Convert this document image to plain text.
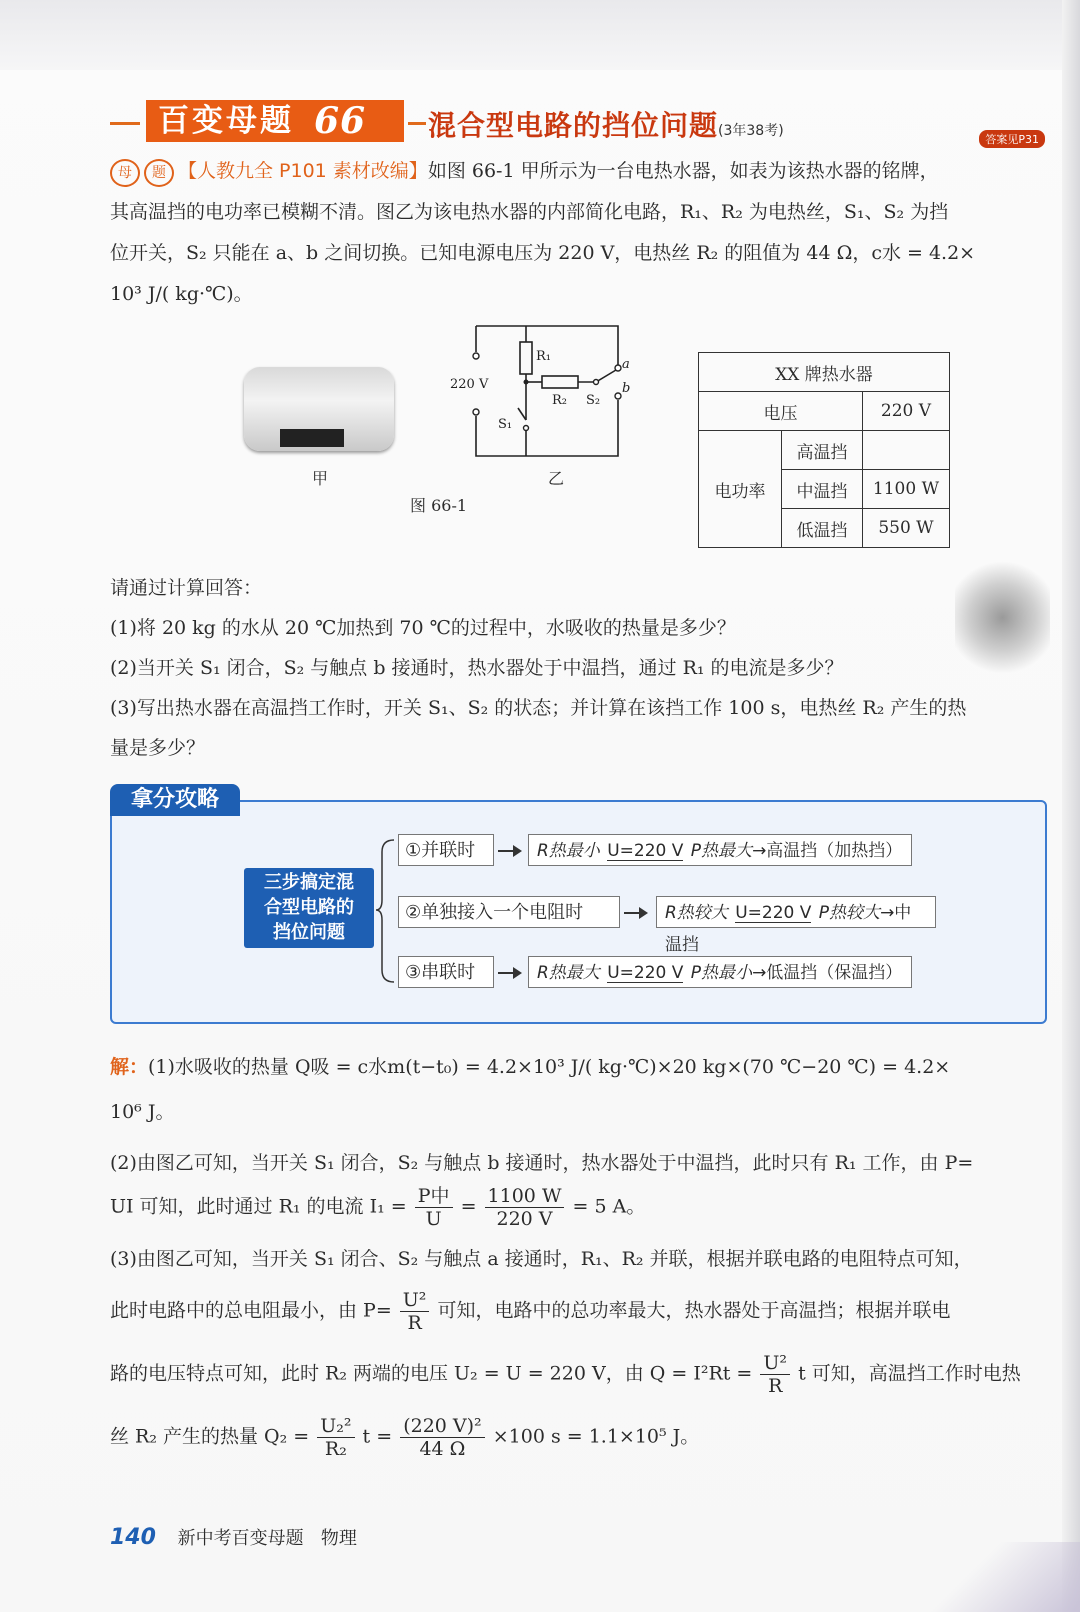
百变母题 66 混合型电路的挡位问题(3年38考)
答案见P31

母 题 【人教九全 P101 素材改编】如图 66-1 甲所示为一台电热水器，如表为该热水器的铭牌，

其高温挡的电功率已模糊不清。图乙为该电热水器的内部简化电路，R₁、R₂ 为电热丝，S₁、S₂ 为挡

位开关，S₂ 只能在 a、b 之间切换。已知电源电压为 220 V，电热丝 R₂ 的阻值为 44 Ω，c水 = 4.2×

10³ J/( kg·℃)。

甲
220 V
R₁
R₂
S₁
S₂
a
b
乙
图 66-1
XX 牌热水器		
电压		220 V
电功率	高温挡	
	中温挡	1100 W
	低温挡	550 W

请通过计算回答：

(1)将 20 kg 的水从 20 ℃加热到 70 ℃的过程中，水吸收的热量是多少？

(2)当开关 S₁ 闭合，S₂ 与触点 b 接通时，热水器处于中温挡，通过 R₁ 的电流是多少？

(3)写出热水器在高温挡工作时，开关 S₁、S₂ 的状态；并计算在该挡工作 100 s，电热丝 R₂ 产生的热

量是多少？

拿分攻略
三步搞定混
合型电路的
挡位问题
①并联时	R热最小 U=220 V P热最大→高温挡（加热挡）
②单独接入一个电阻时	R热较大 U=220 V P热较大→中温挡
③串联时	R热最大 U=220 V P热最小→低温挡（保温挡）

解：(1)水吸收的热量 Q吸 = c水m(t−t₀) = 4.2×10³ J/( kg·℃)×20 kg×(70 ℃−20 ℃) = 4.2×

10⁶ J。

(2)由图乙可知，当开关 S₁ 闭合，S₂ 与触点 b 接通时，热水器处于中温挡，此时只有 R₁ 工作，由 P=

UI 可知，此时通过 R₁ 的电流 $I_1 = \frac{\text{P中}}{U} = \frac{1100 W}{220 V} = 5$ A。

(3)由图乙可知，当开关 S₁ 闭合、S₂ 与触点 a 接通时，R₁、R₂ 并联，根据并联电路的电阻特点可知，

此时电路中的总电阻最小，由 $P= \frac{\text{U²}}{R}$ 可知，电路中的总功率最大，热水器处于高温挡；根据并联电

路的电压特点可知，此时 R₂ 两端的电压 U₂ = U = 220 V，由 $Q = I^2Rt = \frac{\text{U²}}{R}$ t 可知，高温挡工作时电热

丝 R₂ 产生的热量 $Q_2 = \frac{\text{U₂²}}{\text{R₂}}$ $t = \frac{\text{(220 V)²}}{44 \Omega} \times 100$ s = 1.1×10⁵ J。

140 新中考百变母题 物理
